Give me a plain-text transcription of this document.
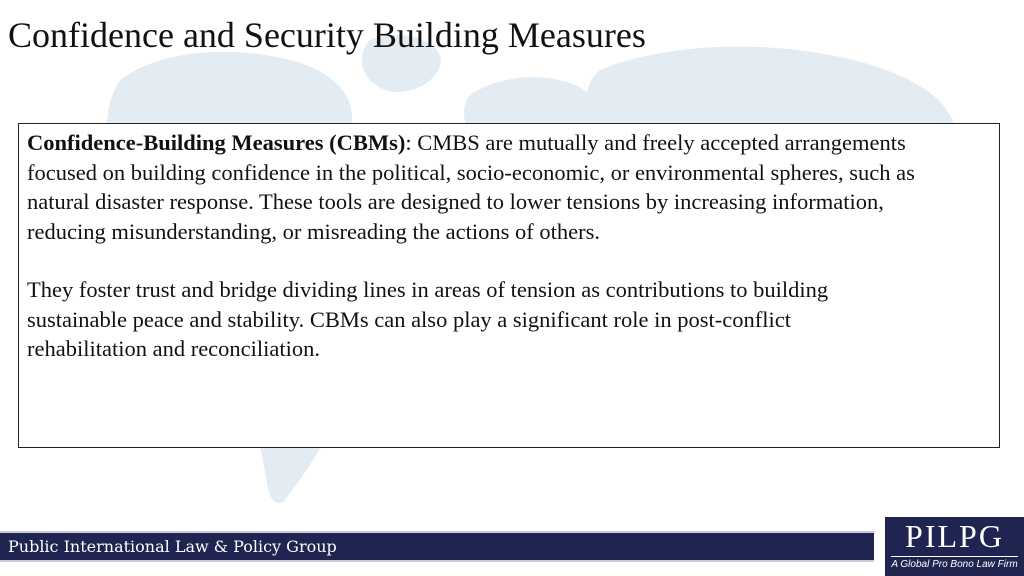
Confidence and Security Building Measures

Confidence-Building Measures (CBMs): CMBS are mutually and freely accepted arrangements focused on building confidence in the political, socio-economic, or environmental spheres, such as natural disaster response. These tools are designed to lower tensions by increasing information, reducing misunderstanding, or misreading the actions of others.

They foster trust and bridge dividing lines in areas of tension as contributions to building sustainable peace and stability. CBMs can also play a significant role in post-conflict rehabilitation and reconciliation.

Public International Law & Policy Group	PILPG
A Global Pro Bono Law Firm
